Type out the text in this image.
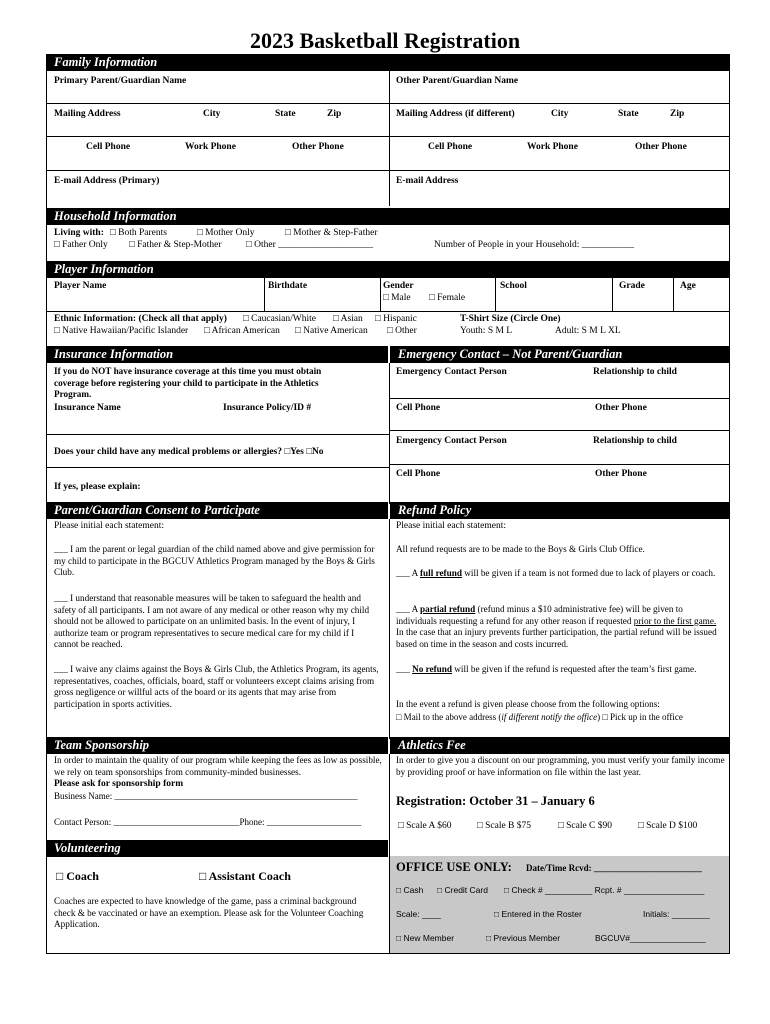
2023 Basketball Registration
Family Information
Primary Parent/Guardian Name	Other Parent/Guardian Name
Mailing Address	City	State	Zip	Mailing Address (if different)	City	State	Zip
Cell Phone	Work Phone	Other Phone	Cell Phone	Work Phone	Other Phone
E-mail Address (Primary)	E-mail Address
Household Information
Living with: □ Both Parents	□ Mother Only	□ Mother & Step-Father
□ Father Only □ Father & Step-Mother	□ Other ____________________	Number of People in your Household: ___________
Player Information
Player Name	Birthdate	Gender
□ Male □ Female
School	Grade	Age
Ethnic Information: (Check all that apply) □ Caucasian/White □ Asian □ Hispanic
□ Native Hawaiian/Pacific Islander □ African American □ Native American □ Other
T-Shirt Size (Circle One)
Youth: S M L	Adult: S M L XL
Insurance Information	Emergency Contact – Not Parent/Guardian
If you do NOT have insurance coverage at this time you must obtain coverage before registering your child to participate in the Athletics Program.
Insurance Name	Insurance Policy/ID #
Does your child have any medical problems or allergies? □Yes □No
If yes, please explain:
Emergency Contact Person	Relationship to child
Cell Phone	Other Phone
Emergency Contact Person	Relationship to child
Cell Phone	Other Phone
Parent/Guardian Consent to Participate	Refund Policy
Please initial each statement:
___ I am the parent or legal guardian of the child named above and give permission for my child to participate in the BGCUV Athletics Program managed by the Boys & Girls Club.
___ I understand that reasonable measures will be taken to safeguard the health and safety of all participants. I am not aware of any medical or other reason why my child should not be allowed to participate on an unlimited basis. In the event of injury, I authorize team or program representatives to secure medical care for my child if I cannot be reached.
___ I waive any claims against the Boys & Girls Club, the Athletics Program, its agents, representatives, coaches, officials, board, staff or volunteers except claims arising from gross negligence or willful acts of the board or its agents that may arise from participation in sports activities.
Please initial each statement:
All refund requests are to be made to the Boys & Girls Club Office.
___ A full refund will be given if a team is not formed due to lack of players or coach.
___ A partial refund (refund minus a $10 administrative fee) will be given to individuals requesting a refund for any other reason if requested prior to the first game. In the case that an injury prevents further participation, the partial refund will be issued based on time in the season and costs incurred.
___ No refund will be given if the refund is requested after the team’s first game.
In the event a refund is given please choose from the following options:
□ Mail to the above address (if different notify the office) □ Pick up in the office
Team Sponsorship	Athletics Fee
In order to maintain the quality of our program while keeping the fees as low as possible, we rely on team sponsorships from community-minded businesses.
Please ask for sponsorship form
Business Name: ______________________________________________________
Contact Person: ____________________________Phone: _____________________
In order to give you a discount on our programming, you must verify your family income by providing proof or have information on file within the last year.
Registration: October 31 – January 6
□ Scale A $60	□ Scale B $75	□ Scale C $90	□ Scale D $100
Volunteering
□ Coach	□ Assistant Coach
Coaches are expected to have knowledge of the game, pass a criminal background check & be vaccinated or have an exemption. Please ask for the Volunteer Coaching Application.
OFFICE USE ONLY: Date/Time Rcvd: ________________________
□ Cash □ Credit Card □ Check # __________ Rcpt. # _________________
Scale: ____	□ Entered in the Roster	Initials: ________
□ New Member	□ Previous Member	BGCUV#________________
